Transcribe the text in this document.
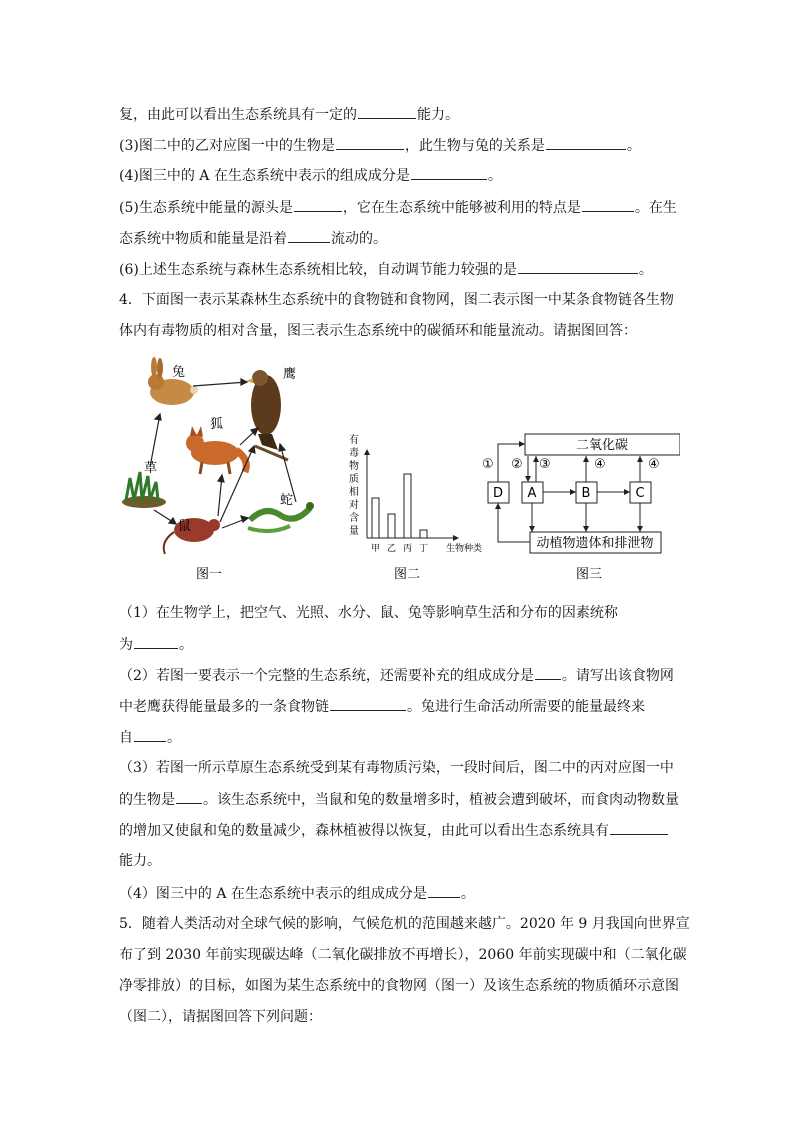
复，由此可以看出生态系统具有一定的	能力。
(3)图二中的乙对应图一中的生物是	，此生物与兔的关系是	。
(4)图三中的 A 在生态系统中表示的组成成分是	。
(5)生态系统中能量的源头是	，它在生态系统中能够被利用的特点是	。在生
态系统中物质和能量是沿着	流动的。
(6)上述生态系统与森林生态系统相比较，自动调节能力较强的是	。
4．下面图一表示某森林生态系统中的食物链和食物网，图二表示图一中某条食物链各生物
体内有毒物质的相对含量，图三表示生态系统中的碳循环和能量流动。请据图回答：
兔	鹰
狐
草
鼠
蛇
图一
有
毒
物
质
相
对
含
量
甲 乙 丙 丁 生物种类
图二
二氧化碳
D A	B	C
动植物遗体和排泄物
① ② ③	④	④
图三
（1）在生物学上，把空气、光照、水分、鼠、兔等影响草生活和分布的因素统称
为	。
（2）若图一要表示一个完整的生态系统，还需要补充的组成成分是 。请写出该食物网
中老鹰获得能量最多的一条食物链	。兔进行生命活动所需要的能量最终来
自 。
（3）若图一所示草原生态系统受到某有毒物质污染，一段时间后，图二中的丙对应图一中
的生物是 。该生态系统中，当鼠和兔的数量增多时，植被会遭到破坏，而食肉动物数量
的增加又使鼠和兔的数量减少，森林植被得以恢复，由此可以看出生态系统具有
能力。
（4）图三中的 A 在生态系统中表示的组成成分是 。
5．随着人类活动对全球气候的影响，气候危机的范围越来越广。2020 年 9 月我国向世界宣
布了到 2030 年前实现碳达峰（二氧化碳排放不再增长），2060 年前实现碳中和（二氧化碳
净零排放）的目标，如图为某生态系统中的食物网（图一）及该生态系统的物质循环示意图
（图二），请据图回答下列问题：
